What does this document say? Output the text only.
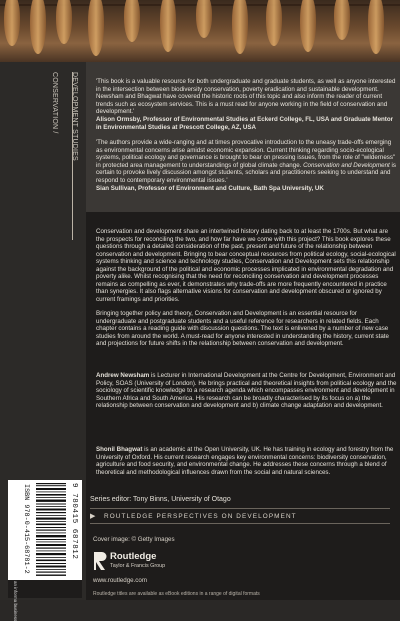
CONSERVATION / DEVELOPMENT STUDIES	'This book is a valuable resource for both undergraduate and graduate students, as well as anyone interested in the intersection between biodiversity conservation, poverty eradication and sustainable development. Newsham and Bhagwat have covered the historic roots of this topic and also inform the reader of current trends such as ecosystem services. This is a must read for anyone working in the field of conservation and development.'
Alison Ormsby, Professor of Environmental Studies at Eckerd College, FL, USA and Graduate Mentor in Environmental Studies at Prescott College, AZ, USA
'The authors provide a wide-ranging and at times provocative introduction to the uneasy trade-offs emerging as environmental concerns arise amidst economic expansion. Current thinking regarding socio-ecological systems, political ecology and governance is brought to bear on pressing issues, from the role of "wilderness" in protected area management to understandings of global climate change. Conservation and Development is certain to provoke lively discussion amongst students, scholars and practitioners seeking to understand and respond to contemporary environmental issues.'
Sian Sullivan, Professor of Environment and Culture, Bath Spa University, UK

Conservation and development share an intertwined history dating back to at least the 1700s. But what are the prospects for reconciling the two, and how far have we come with this project? This book explores these questions through a detailed consideration of the past, present and future of the relationship between conservation and development. Bringing to bear conceptual resources from political ecology, social-ecological systems thinking and science and technology studies, Conservation and Development sets this relationship against the background of the political and economic processes implicated in environmental degradation and poverty alike. Whilst recognising that the need for reconciling conservation and development processes remains as compelling as ever, it demonstrates why trade-offs are more frequently encountered in practice than synergies. It also flags alternative visions for conservation and development obscured or ignored by current framings and priorities.

Bringing together policy and theory, Conservation and Development is an essential resource for undergraduate and postgraduate students and a useful reference for researchers in related fields. Each chapter contains a reading guide with discussion questions. The text is enlivened by a number of new case studies from around the world. A must-read for anyone interested in understanding the history, current state and projections for future shifts in the relationship between conservation and development.

Andrew Newsham is Lecturer in International Development at the Centre for Development, Environment and Policy, SOAS (University of London). He brings practical and theoretical insights from political ecology and the sociology of scientific knowledge to a research agenda which encompasses environment and development in Southern Africa and South America. His research can be broadly characterised by its focus on a) the relationship between conservation and development and b) climate change adaptation and development.

Shonil Bhagwat is an academic at the Open University, UK. He has training in ecology and forestry from the University of Oxford. His current research engages key environmental concerns: biodiversity conservation, agriculture and food security, and environmental change. He addresses these concerns through a blend of theoretical and methodological influences drawn from the social and natural sciences.

Series editor: Tony Binns, University of Otago
▶ ROUTLEDGE PERSPECTIVES ON DEVELOPMENT
Cover image: © Getty Images
Routledge
Taylor & Francis Group
www.routledge.com
Routledge titles are available as eBook editions in a range of digital formats
ISBN 978-0-415-68781-2	9 780415 687812
an informa business
